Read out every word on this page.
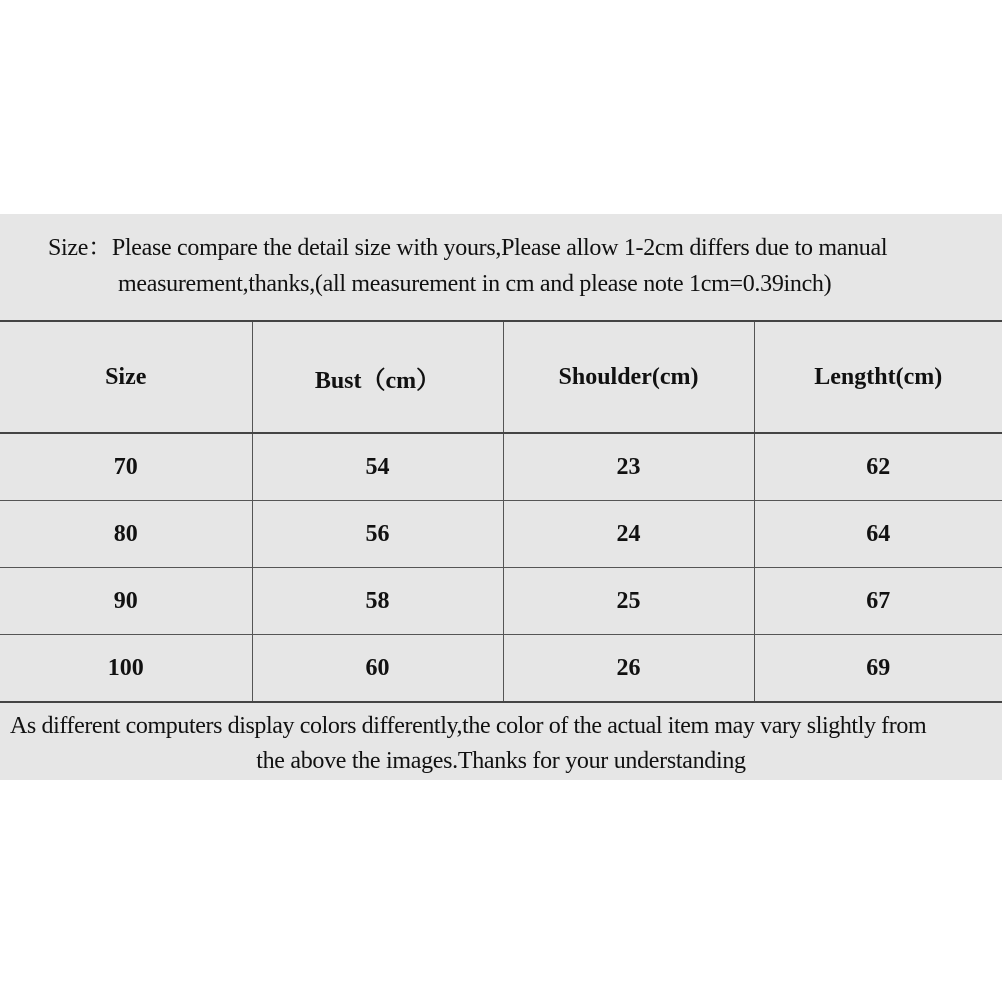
Size：Please compare the detail size with yours,Please allow 1-2cm differs due to manual
measurement,thanks,(all measurement in cm and please note 1cm=0.39inch)
Size	Bust（cm）	Shoulder(cm)	Lengtht(cm)
70	54	23	62
80	56	24	64
90	58	25	67
100	60	26	69
As different computers display colors differently,the color of the actual item may vary slightly from
the above the images.Thanks for your understanding
